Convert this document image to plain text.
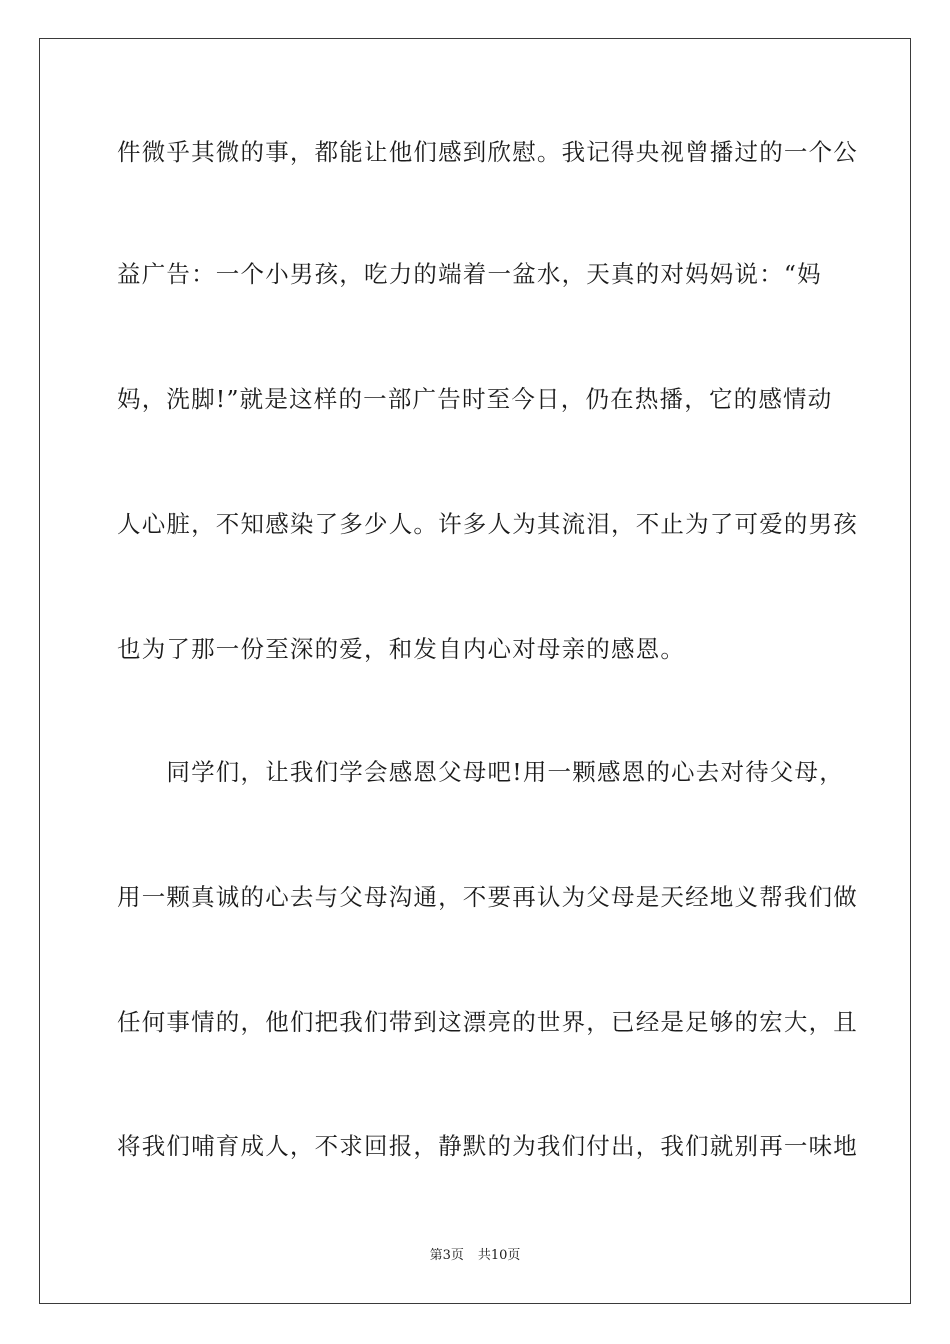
件微乎其微的事，都能让他们感到欣慰。我记得央视曾播过的一个公
益广告：一个小男孩，吃力的端着一盆水，天真的对妈妈说：“妈
妈，洗脚!”就是这样的一部广告时至今日，仍在热播，它的感情动
人心脏，不知感染了多少人。许多人为其流泪，不止为了可爱的男孩
也为了那一份至深的爱，和发自内心对母亲的感恩。
　　同学们，让我们学会感恩父母吧!用一颗感恩的心去对待父母，
用一颗真诚的心去与父母沟通，不要再认为父母是天经地义帮我们做
任何事情的，他们把我们带到这漂亮的世界，已经是足够的宏大，且
将我们哺育成人，不求回报，静默的为我们付出，我们就别再一味地
第3页 共10页
